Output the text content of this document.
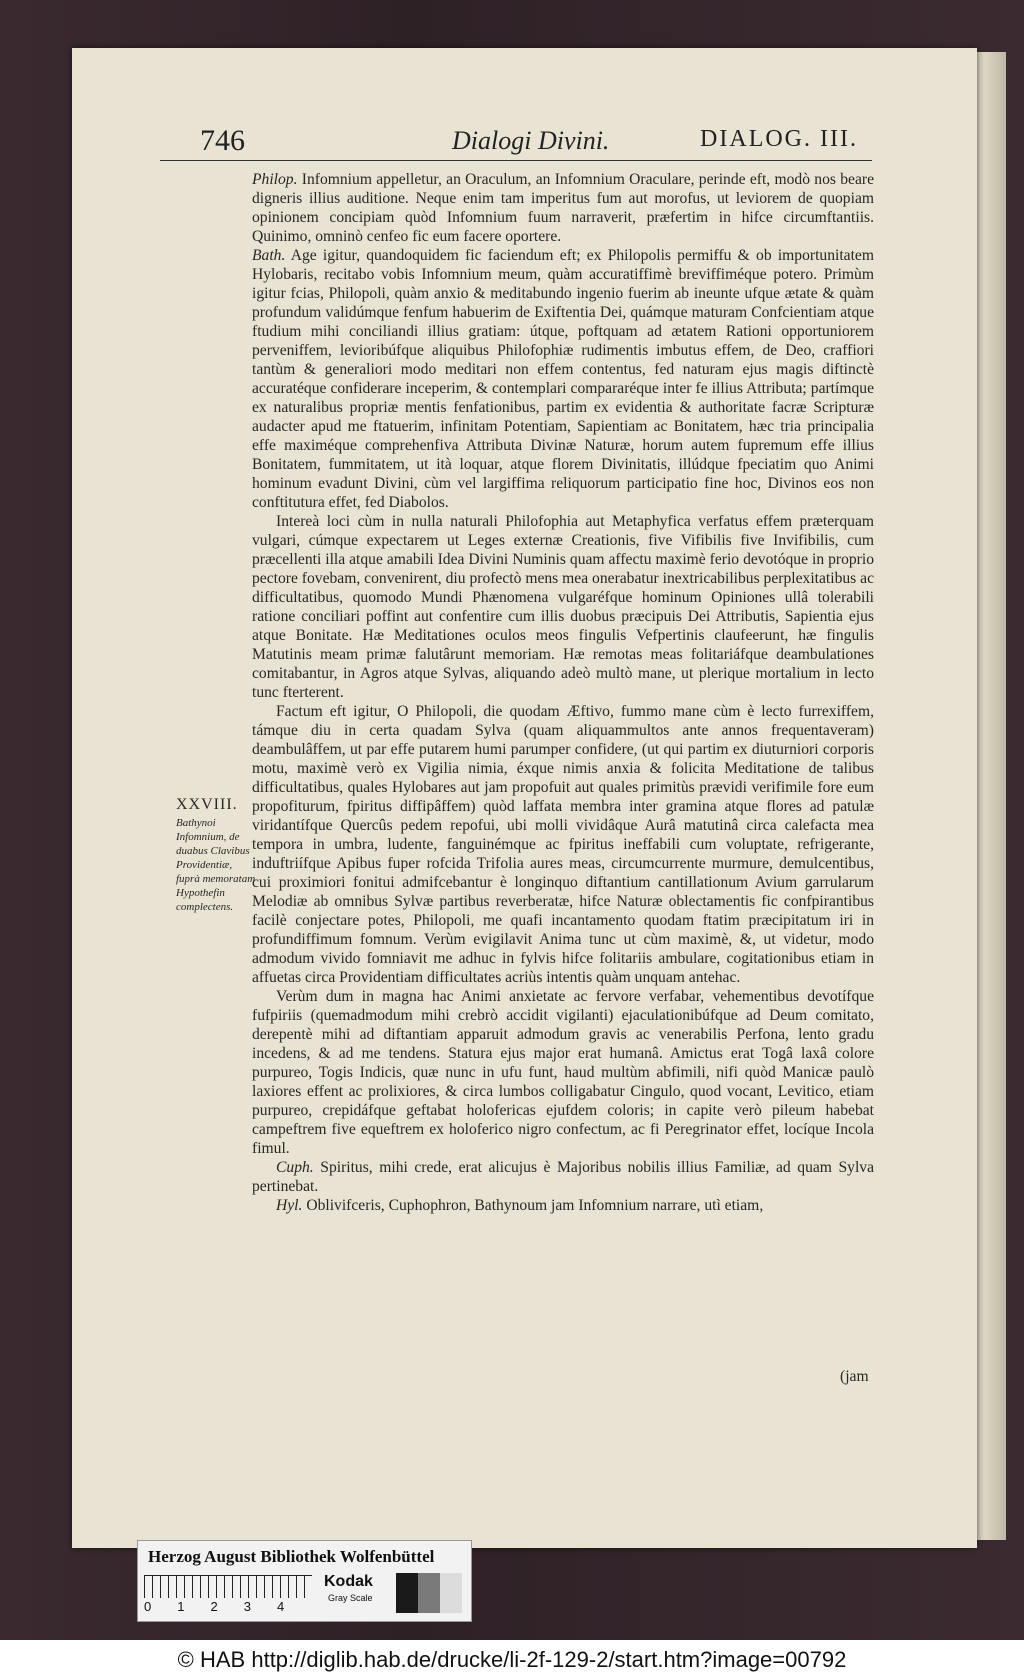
746	Dialogi Divini.	DIALOG. III.

Philop. Infomnium appelletur, an Oraculum, an Infomnium Oraculare, perinde eft, modò nos beare digneris illius auditione. Neque enim tam imperitus fum aut morofus, ut leviorem de quopiam opinionem concipiam quòd Infomnium fuum narraverit, præfertim in hifce circumftantiis. Quinimo, omninò cenfeo fic eum facere oportere.

Bath. Age igitur, quandoquidem fic faciendum eft; ex Philopolis permiffu & ob importunitatem Hylobaris, recitabo vobis Infomnium meum, quàm accuratiffimè breviffiméque potero. Primùm igitur fcias, Philopoli, quàm anxio & meditabundo ingenio fuerim ab ineunte ufque ætate & quàm profundum validúmque fenfum habuerim de Exiftentia Dei, quámque maturam Confcientiam atque ftudium mihi conciliandi illius gratiam: útque, poftquam ad ætatem Rationi opportuniorem perveniffem, levioribúfque aliquibus Philofophiæ rudimentis imbutus effem, de Deo, craffiori tantùm & generaliori modo meditari non effem contentus, fed naturam ejus magis diftinctè accuratéque confiderare inceperim, & contemplari compararéque inter fe illius Attributa; partímque ex naturalibus propriæ mentis fenfationibus, partim ex evidentia & authoritate facræ Scripturæ audacter apud me ftatuerim, infinitam Potentiam, Sapientiam ac Bonitatem, hæc tria principalia effe maximéque comprehenfiva Attributa Divinæ Naturæ, horum autem fupremum effe illius Bonitatem, fummitatem, ut ità loquar, atque florem Divinitatis, illúdque fpeciatim quo Animi hominum evadunt Divini, cùm vel largiffima reliquorum participatio fine hoc, Divinos eos non conftitutura effet, fed Diabolos.

Intereà loci cùm in nulla naturali Philofophia aut Metaphyfica verfatus effem præterquam vulgari, cúmque expectarem ut Leges externæ Creationis, five Vifibilis five Invifibilis, cum præcellenti illa atque amabili Idea Divini Numinis quam affectu maximè ferio devotóque in proprio pectore fovebam, convenirent, diu profectò mens mea onerabatur inextricabilibus perplexitatibus ac difficultatibus, quomodo Mundi Phænomena vulgaréfque hominum Opiniones ullâ tolerabili ratione conciliari poffint aut confentire cum illis duobus præcipuis Dei Attributis, Sapientia ejus atque Bonitate. Hæ Meditationes oculos meos fingulis Vefpertinis claufeerunt, hæ fingulis Matutinis meam primæ falutârunt memoriam. Hæ remotas meas folitariáfque deambulationes comitabantur, in Agros atque Sylvas, aliquando adeò multò mane, ut plerique mortalium in lecto tunc fterterent.

Factum eft igitur, O Philopoli, die quodam Æftivo, fummo mane cùm è lecto furrexiffem, támque diu in certa quadam Sylva (quam aliquammultos ante annos frequentaveram) deambulâffem, ut par effe putarem humi parumper confidere, (ut qui partim ex diuturniori corporis motu, maximè verò ex Vigilia nimia, éxque nimis anxia & folicita Meditatione de talibus difficultatibus, quales Hylobares aut jam propofuit aut quales primitùs prævidi verifimile fore eum propofiturum, fpiritus diffipâffem) quòd laffata membra inter gramina atque flores ad patulæ viridantífque Quercûs pedem repofui, ubi molli vividâque Aurâ matutinâ circa calefacta mea tempora in umbra, ludente, fanguinémque ac fpiritus ineffabili cum voluptate, refrigerante, induftriífque Apibus fuper rofcida Trifolia aures meas, circumcurrente murmure, demulcentibus, cui proximiori fonitui admifcebantur è longinquo diftantium cantillationum Avium garrularum Melodiæ ab omnibus Sylvæ partibus reverberatæ, hifce Naturæ oblectamentis fic confpirantibus facilè conjectare potes, Philopoli, me quafi incantamento quodam ftatim præcipitatum iri in profundiffimum fomnum. Verùm evigilavit Anima tunc ut cùm maximè, &, ut videtur, modo admodum vivido fomniavit me adhuc in fylvis hifce folitariis ambulare, cogitationibus etiam in affuetas circa Providentiam difficultates acriùs intentis quàm unquam antehac.

Verùm dum in magna hac Animi anxietate ac fervore verfabar, vehementibus devotífque fufpiriis (quemadmodum mihi crebrò accidit vigilanti) ejaculationibúfque ad Deum comitato, derepentè mihi ad diftantiam apparuit admodum gravis ac venerabilis Perfona, lento gradu incedens, & ad me tendens. Statura ejus major erat humanâ. Amictus erat Togâ laxâ colore purpureo, Togis Indicis, quæ nunc in ufu funt, haud multùm abfimili, nifi quòd Manicæ paulò laxiores effent ac prolixiores, & circa lumbos colligabatur Cingulo, quod vocant, Levitico, etiam purpureo, crepidáfque geftabat holofericas ejufdem coloris; in capite verò pileum habebat campeftrem five equeftrem ex holoferico nigro confectum, ac fi Peregrinator effet, locíque Incola fimul.

Cuph. Spiritus, mihi crede, erat alicujus è Majoribus nobilis illius Familiæ, ad quam Sylva pertinebat.

Hyl. Oblivifceris, Cuphophron, Bathynoum jam Infomnium narrare, utì etiam,

XXVIII.
Bathynoi Infomnium, de duabus Clavibus Providentiæ, fuprà memoratam Hypothefin complectens.
(jam
Herzog August Bibliothek Wolfenbüttel
0 1 2 3 4
Kodak
Gray Scale
© HAB http://diglib.hab.de/drucke/li-2f-129-2/start.htm?image=00792
